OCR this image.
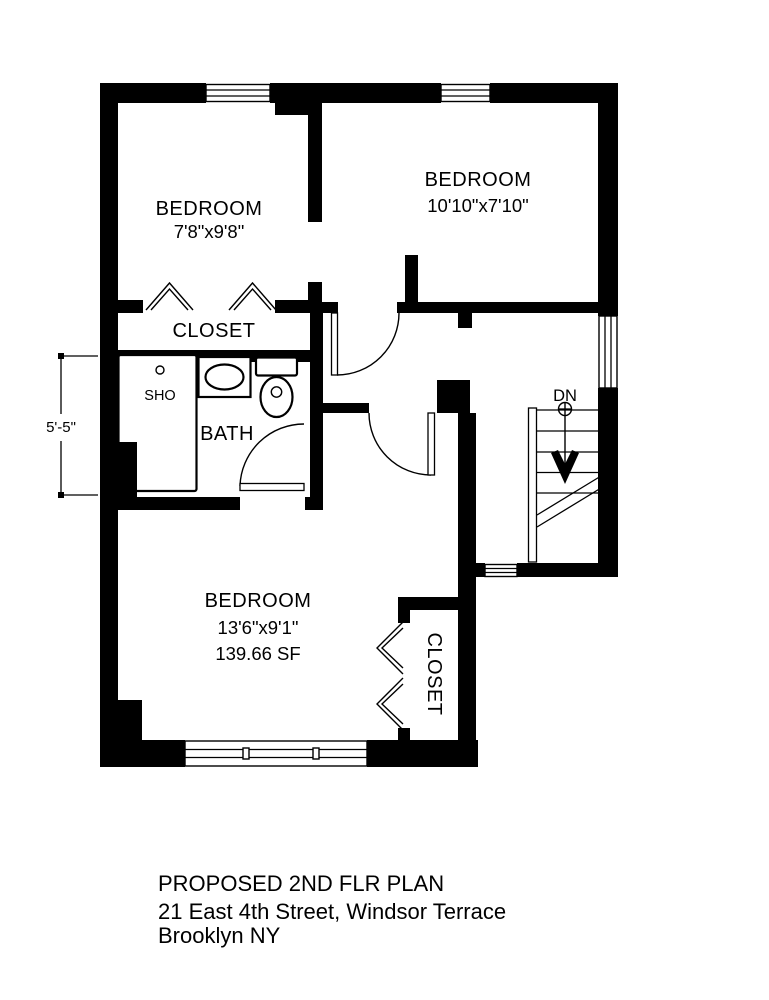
5'-5"
BEDROOM
7'8"x9'8"
BEDROOM
10'10"x7'10"
CLOSET
SHO
BATH
DN
BEDROOM
13'6"x9'1"
139.66 SF	CLOSET
PROPOSED 2ND FLR PLAN
21 East 4th Street, Windsor Terrace
Brooklyn NY
